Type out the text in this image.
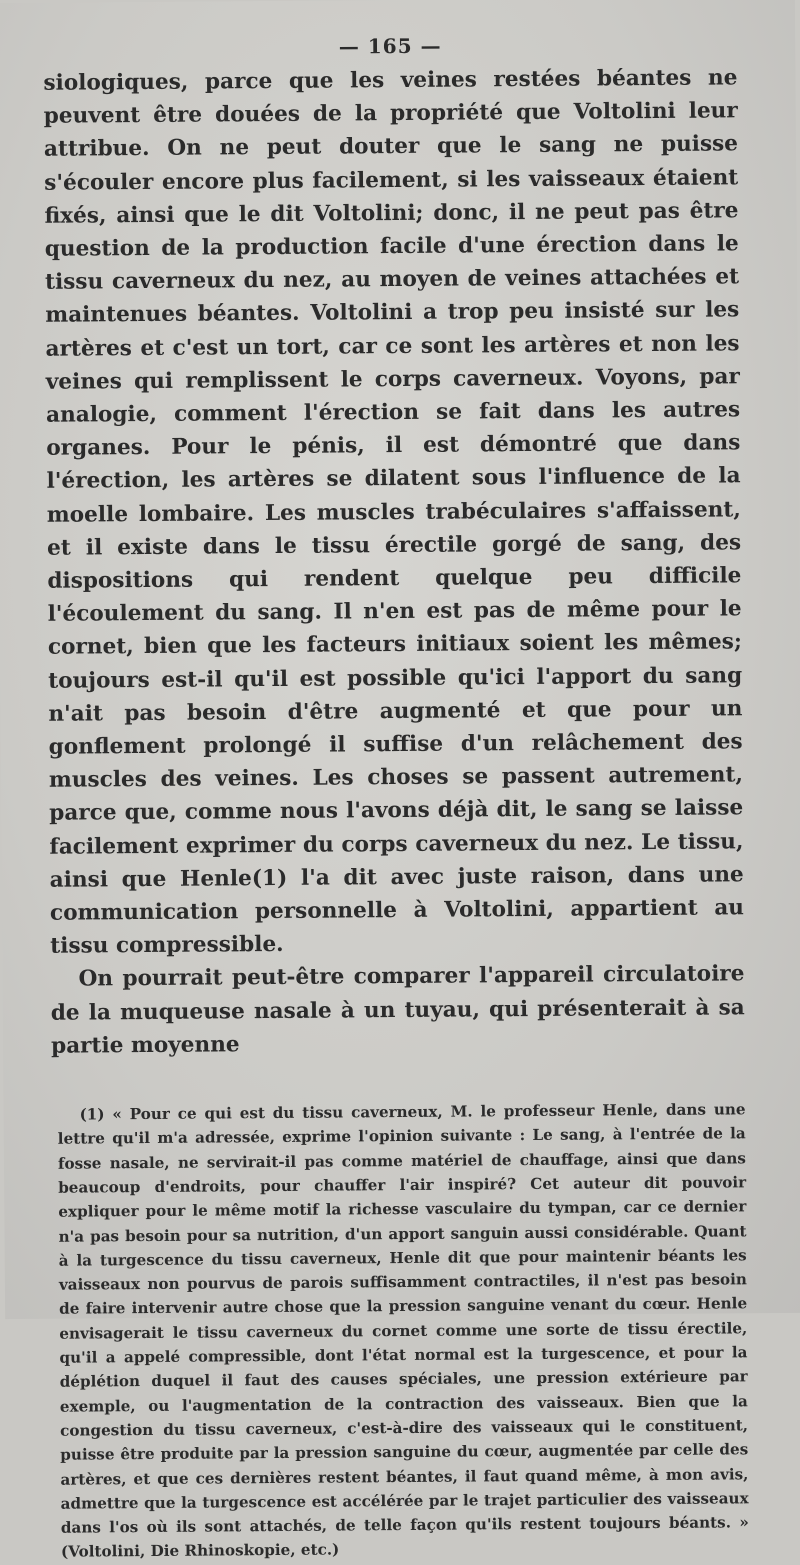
— 165 —

siologiques, parce que les veines restées béantes ne peuvent être douées de la propriété que Voltolini leur attribue. On ne peut douter que le sang ne puisse s'écouler encore plus facilement, si les vaisseaux étaient fixés, ainsi que le dit Voltolini; donc, il ne peut pas être question de la production facile d'une érection dans le tissu caverneux du nez, au moyen de veines attachées et maintenues béantes. Voltolini a trop peu insisté sur les artères et c'est un tort, car ce sont les artères et non les veines qui remplissent le corps caverneux. Voyons, par analogie, comment l'érection se fait dans les autres organes. Pour le pénis, il est démontré que dans l'érection, les artères se dilatent sous l'influence de la moelle lombaire. Les muscles trabéculaires s'affaissent, et il existe dans le tissu érectile gorgé de sang, des dispositions qui rendent quelque peu difficile l'écoulement du sang. Il n'en est pas de même pour le cornet, bien que les facteurs initiaux soient les mêmes; toujours est-il qu'il est possible qu'ici l'apport du sang n'ait pas besoin d'être augmenté et que pour un gonflement prolongé il suffise d'un relâchement des muscles des veines. Les choses se passent autrement, parce que, comme nous l'avons déjà dit, le sang se laisse facilement exprimer du corps caverneux du nez. Le tissu, ainsi que Henle(1) l'a dit avec juste raison, dans une communication personnelle à Voltolini, appartient au tissu compressible.

On pourrait peut-être comparer l'appareil circulatoire de la muqueuse nasale à un tuyau, qui présenterait à sa partie moyenne

(1) « Pour ce qui est du tissu caverneux, M. le professeur Henle, dans une lettre qu'il m'a adressée, exprime l'opinion suivante : Le sang, à l'entrée de la fosse nasale, ne servirait-il pas comme matériel de chauffage, ainsi que dans beaucoup d'endroits, pour chauffer l'air inspiré? Cet auteur dit pouvoir expliquer pour le même motif la richesse vasculaire du tympan, car ce dernier n'a pas besoin pour sa nutrition, d'un apport sanguin aussi considérable. Quant à la turgescence du tissu caverneux, Henle dit que pour maintenir béants les vaisseaux non pourvus de parois suffisamment contractiles, il n'est pas besoin de faire intervenir autre chose que la pression sanguine venant du cœur. Henle envisagerait le tissu caverneux du cornet comme une sorte de tissu érectile, qu'il a appelé compressible, dont l'état normal est la turgescence, et pour la déplétion duquel il faut des causes spéciales, une pression extérieure par exemple, ou l'augmentation de la contraction des vaisseaux. Bien que la congestion du tissu caverneux, c'est-à-dire des vaisseaux qui le constituent, puisse être produite par la pression sanguine du cœur, augmentée par celle des artères, et que ces dernières restent béantes, il faut quand même, à mon avis, admettre que la turgescence est accélérée par le trajet particulier des vaisseaux dans l'os où ils sont attachés, de telle façon qu'ils restent toujours béants. » (Voltolini, Die Rhinoskopie, etc.)
